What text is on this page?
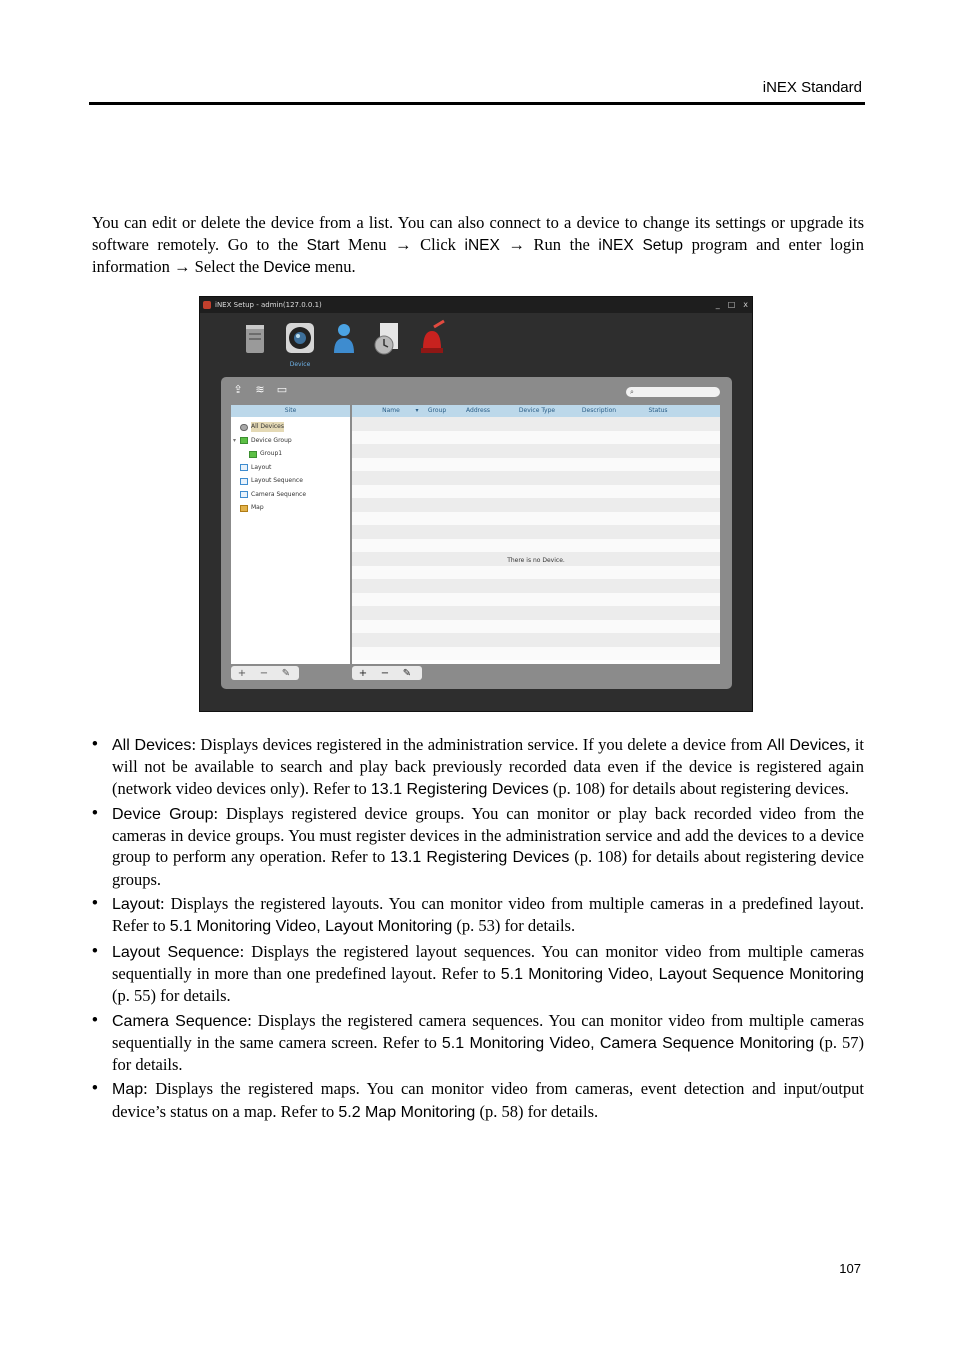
iNEX Standard

You can edit or delete the device from a list. You can also connect to a device to change its settings or upgrade its software remotely. Go to the Start Menu → Click iNEX → Run the iNEX Setup program and enter login information → Select the Device menu.

iNEX Setup - admin(127.0.0.1)	_ □ x
Device
⇪ ≋ ▭	⌕
Site
All Devices
Device Group
Group1
Layout
Layout Sequence
Camera Sequence
Map
▾
Name	▾	Group	Address	Device Type	Description	Status
There is no Device.
+	−	✎	+	−	✎
• All Devices: Displays devices registered in the administration service. If you delete a device from All Devices, it will not be available to search and play back previously recorded data even if the device is registered again (network video devices only). Refer to 13.1 Registering Devices (p. 108) for details about registering devices.
• Device Group: Displays registered device groups. You can monitor or play back recorded video from the cameras in device groups. You must register devices in the administration service and add the devices to a device group to perform any operation. Refer to 13.1 Registering Devices (p. 108) for details about registering device groups.
• Layout: Displays the registered layouts. You can monitor video from multiple cameras in a predefined layout. Refer to 5.1 Monitoring Video, Layout Monitoring (p. 53) for details.
• Layout Sequence: Displays the registered layout sequences. You can monitor video from multiple cameras sequentially in more than one predefined layout. Refer to 5.1 Monitoring Video, Layout Sequence Monitoring (p. 55) for details.
• Camera Sequence: Displays the registered camera sequences. You can monitor video from multiple cameras sequentially in the same camera screen. Refer to 5.1 Monitoring Video, Camera Sequence Monitoring (p. 57) for details.
• Map: Displays the registered maps. You can monitor video from cameras, event detection and input/output device’s status on a map. Refer to 5.2 Map Monitoring (p. 58) for details.
107
